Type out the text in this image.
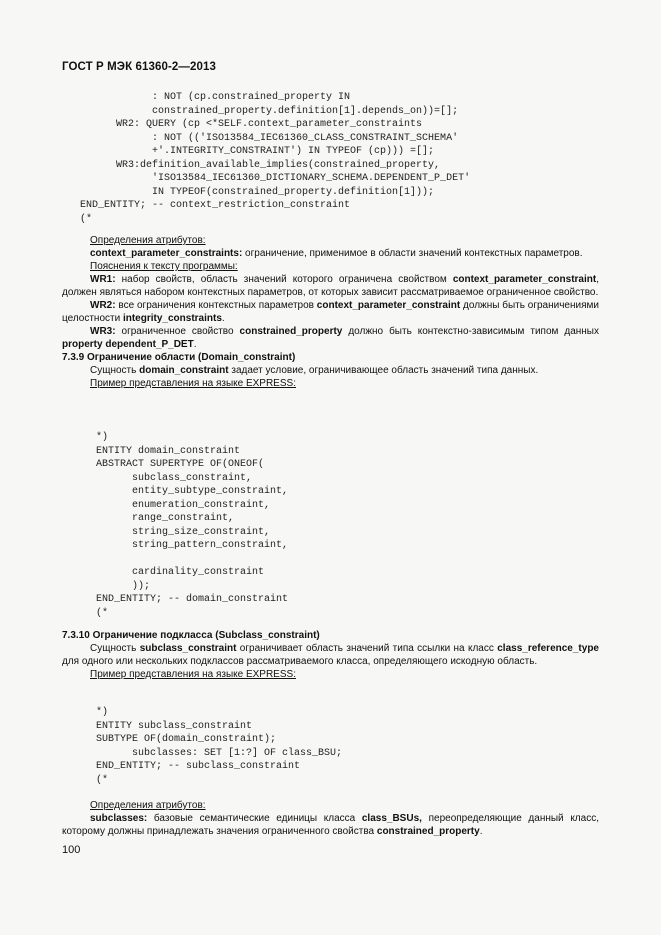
ГОСТ Р МЭК 61360-2—2013
: NOT (cp.constrained_property IN
constrained_property.definition[1].depends_on))=[];
WR2: QUERY (cp <*SELF.context_parameter_constraints
: NOT (('ISO13584_IEC61360_CLASS_CONSTRAINT_SCHEMA'
+'.INTEGRITY_CONSTRAINT') IN TYPEOF (cp))) =[];
WR3:definition_available_implies(constrained_property,
'ISO13584_IEC61360_DICTIONARY_SCHEMA.DEPENDENT_P_DET'
IN TYPEOF(constrained_property.definition[1]));
END_ENTITY; -- context_restriction_constraint
(*

Определения атрибутов:

context_parameter_constraints: ограничение, применимое в области значений контекстных параметров.

Пояснения к тексту программы:

WR1: набор свойств, область значений которого ограничена свойством context_parameter_constraint, должен являться набором контекстных параметров, от которых зависит рассматриваемое ограниченное свойство.

WR2: все ограничения контекстных параметров context_parameter_constraint должны быть ограничениями целостности integrity_constraints.

WR3: ограниченное свойство constrained_property должно быть контекстно-зависимым типом данных property dependent_P_DET.

7.3.9 Ограничение области (Domain_constraint)

Сущность domain_constraint задает условие, ограничивающее область значений типа данных.

Пример представления на языке EXPRESS:

*)
ENTITY domain_constraint
ABSTRACT SUPERTYPE OF(ONEOF(
subclass_constraint,
entity_subtype_constraint,
enumeration_constraint,
range_constraint,
string_size_constraint,
string_pattern_constraint,

cardinality_constraint
));
END_ENTITY; -- domain_constraint
(*

7.3.10 Ограничение подкласса (Subclass_constraint)

Сущность subclass_constraint ограничивает область значений типа ссылки на класс class_reference_type для одного или нескольких подклассов рассматриваемого класса, определяющего искодную область.

Пример представления на языке EXPRESS:

*)
ENTITY subclass_constraint
SUBTYPE OF(domain_constraint);
subclasses: SET [1:?] OF class_BSU;
END_ENTITY; -- subclass_constraint
(*

Определения атрибутов:

subclasses: базовые семантические единицы класса class_BSUs, переопределяющие данный класс, которому должны принадлежать значения ограниченного свойства constrained_property.

100
